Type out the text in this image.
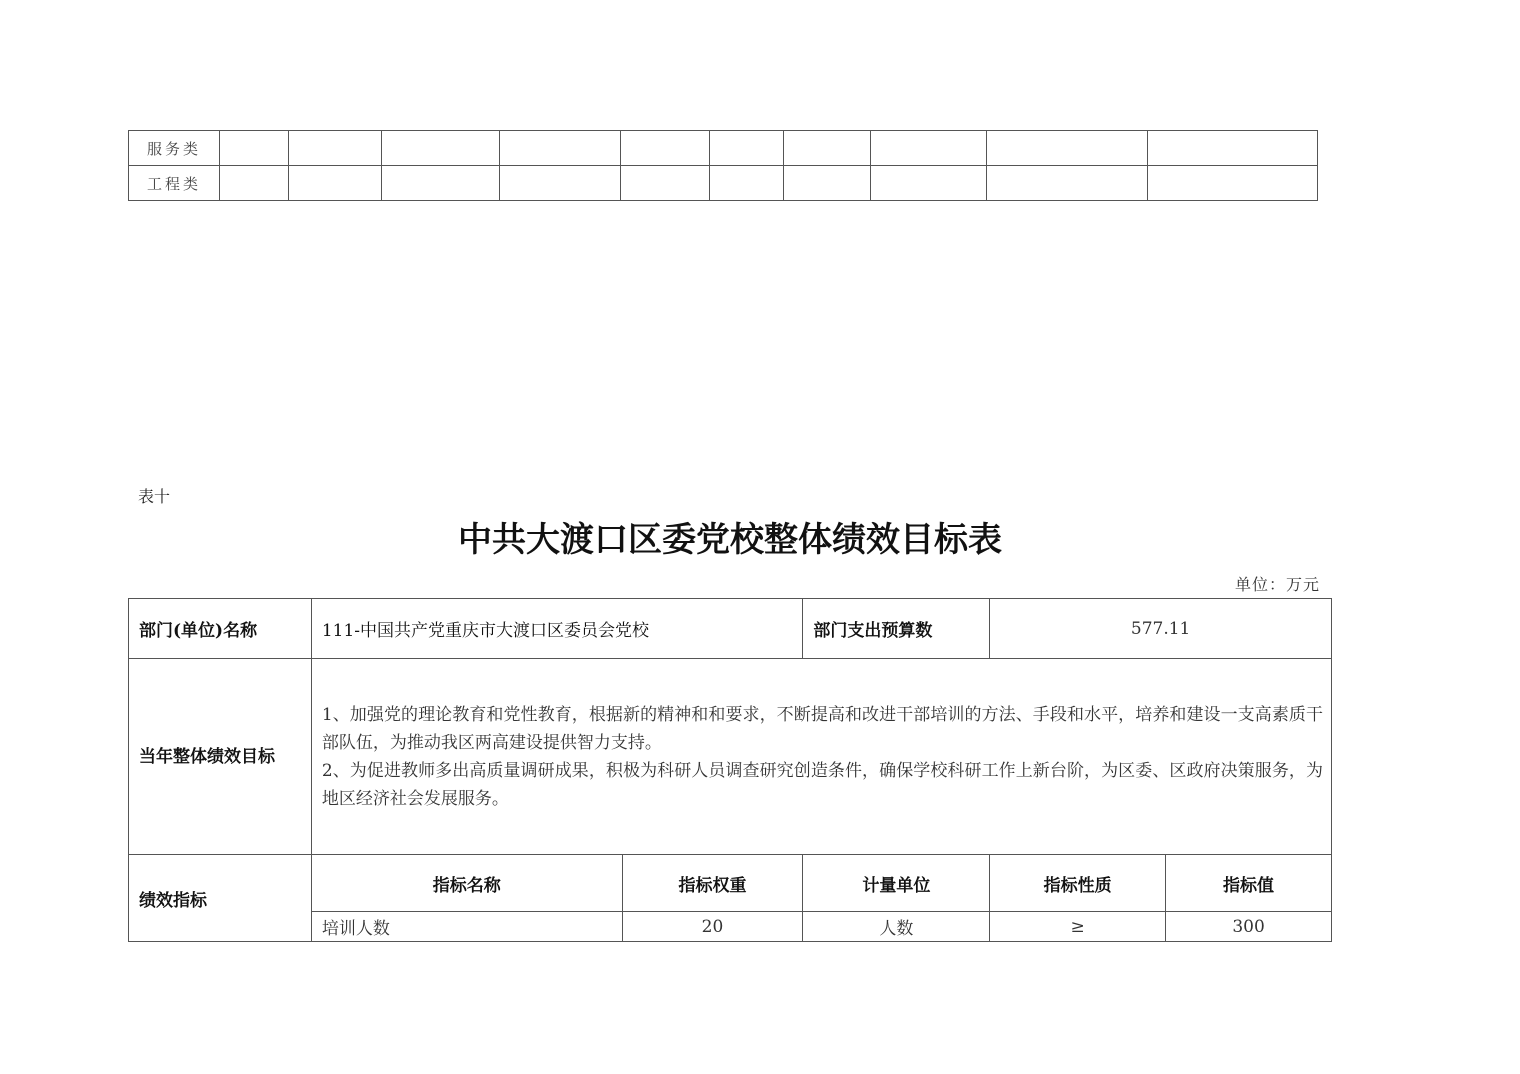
服务类										
工程类										
表十
中共大渡口区委党校整体绩效目标表
单位：万元
部门(单位)名称	111-中国共产党重庆市大渡口区委员会党校		部门支出预算数	577.11	
当年整体绩效目标	1、加强党的理论教育和党性教育，根据新的精神和和要求，不断提高和改进干部培训的方法、手段和水平，培养和建设一支高素质干部队伍，为推动我区两高建设提供智力支持。

2、为促进教师多出高质量调研成果，积极为科研人员调查研究创造条件，确保学校科研工作上新台阶，为区委、区政府决策服务，为地区经济社会发展服务。				

绩效指标	指标名称	指标权重	计量单位	指标性质	指标值
	培训人数	20	人数	≥	300
